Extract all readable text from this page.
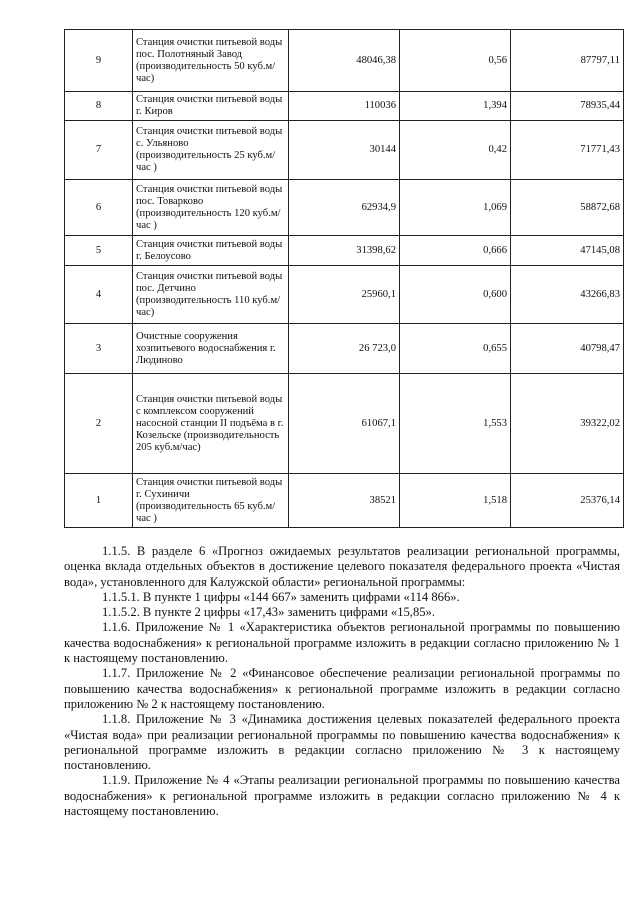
9	Станция очистки питьевой воды пос. Полотняный Завод (производительность 50 куб.м/час)	48046,38	0,56	87797,11
8	Станция очистки питьевой воды г. Киров	110036	1,394	78935,44
7	Станция очистки питьевой воды с. Ульяново (производительность 25 куб.м/час )	30144	0,42	71771,43
6	Станция очистки питьевой воды пос. Товарково (производительность 120 куб.м/час )	62934,9	1,069	58872,68
5	Станция очистки питьевой воды г. Белоусово	31398,62	0,666	47145,08
4	Станция очистки питьевой воды пос. Детчино (производительность 110 куб.м/час)	25960,1	0,600	43266,83
3	Очистные сооружения хозпитьевого водоснабжения г. Людиново	26 723,0	0,655	40798,47
2	Станция очистки питьевой воды с комплексом сооружений насосной станции II подъёма в г. Козельске (производительность 205 куб.м/час)	61067,1	1,553	39322,02
1	Станция очистки питьевой воды г. Сухиничи (производительность 65 куб.м/час )	38521	1,518	25376,14

1.1.5. В разделе 6 «Прогноз ожидаемых результатов реализации региональной программы, оценка вклада отдельных объектов в достижение целевого показателя федерального проекта «Чистая вода», установленного для Калужской области» региональной программы:

1.1.5.1. В пункте 1 цифры «144 667» заменить цифрами «114 866».

1.1.5.2. В пункте 2 цифры «17,43» заменить цифрами «15,85».

1.1.6. Приложение № 1 «Характеристика объектов региональной программы по повышению качества водоснабжения» к региональной программе изложить в редакции согласно приложению № 1 к настоящему постановлению.

1.1.7. Приложение № 2 «Финансовое обеспечение реализации региональной программы по повышению качества водоснабжения» к региональной программе изложить в редакции согласно приложению № 2 к настоящему постановлению.

1.1.8. Приложение № 3 «Динамика достижения целевых показателей федерального проекта «Чистая вода» при реализации региональной программы по повышению качества водоснабжения» к региональной программе изложить в редакции согласно приложению № 3 к настоящему постановлению.

1.1.9. Приложение № 4 «Этапы реализации региональной программы по повышению качества водоснабжения» к региональной программе изложить в редакции согласно приложению № 4 к настоящему постановлению.
